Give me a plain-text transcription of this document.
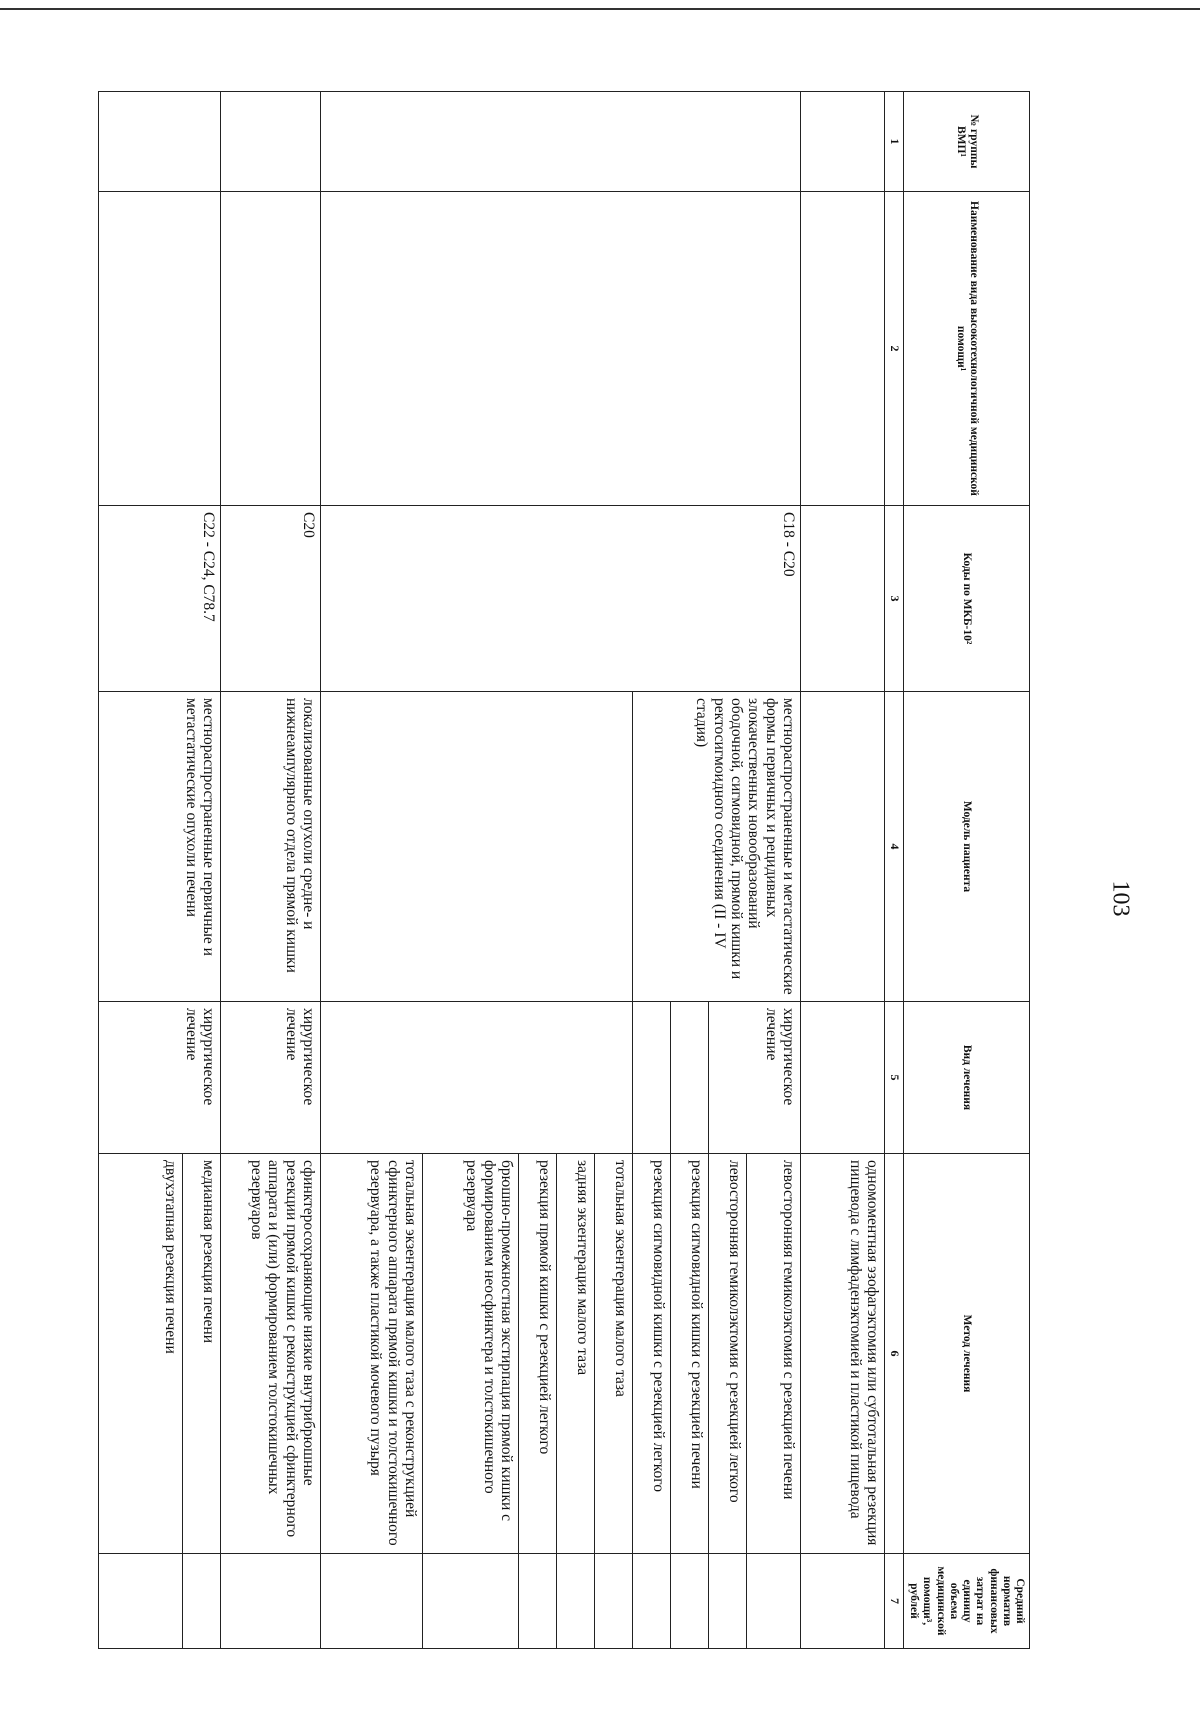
103
№ группы ВМП¹	Наименование вида высокотехнологичной медицинской помощи¹	Коды по МКБ-10²	Модель пациента	Вид лечения	Метод лечения	Средний норматив финансовых затрат на единицу объема медицинской помощи³, рублей
1	2	3	4	5	6	7
					одномоментная эзофагэктомия или субтотальная резекция пищевода с лимфаденэктомией и пластикой пищевода	
		C18 - C20	местнораспространенные и метастатические формы первичных и рецидивных злокачественных новообразований ободочной, сигмовидной, прямой кишки и ректосигмоидного соединения (II - IV стадия)	хирургическое лечение	левосторонняя гемиколэктомия с резекцией печени	
					левосторонняя гемиколэктомия с резекцией легкого	
					резекция сигмовидной кишки с резекцией печени	
					резекция сигмовидной кишки с резекцией легкого	
					тотальная экзентерация малого таза	
					задняя экзентерация малого таза	
					резекция прямой кишки с резекцией легкого	
					брюшно-промежностная экстирпация прямой кишки с формированием неосфинктера и толстокишечного резервуара	
					тотальная экзентерация малого таза с реконструкцией сфинктерного аппарата прямой кишки и толстокишечного резервуара, а также пластикой мочевого пузыря	
		C20	локализованные опухоли средне- и нижнеампулярного отдела прямой кишки	хирургическое лечение	сфинктеросохраняющие низкие внутрибрюшные резекции прямой кишки с реконструкцией сфинктерного аппарата и (или) формированием толстокишечных резервуаров	
		C22 - C24, C78.7	местнораспространенные первичные и метастатические опухоли печени	хирургическое лечение	медианная резекция печени	
					двухэтапная резекция печени	
